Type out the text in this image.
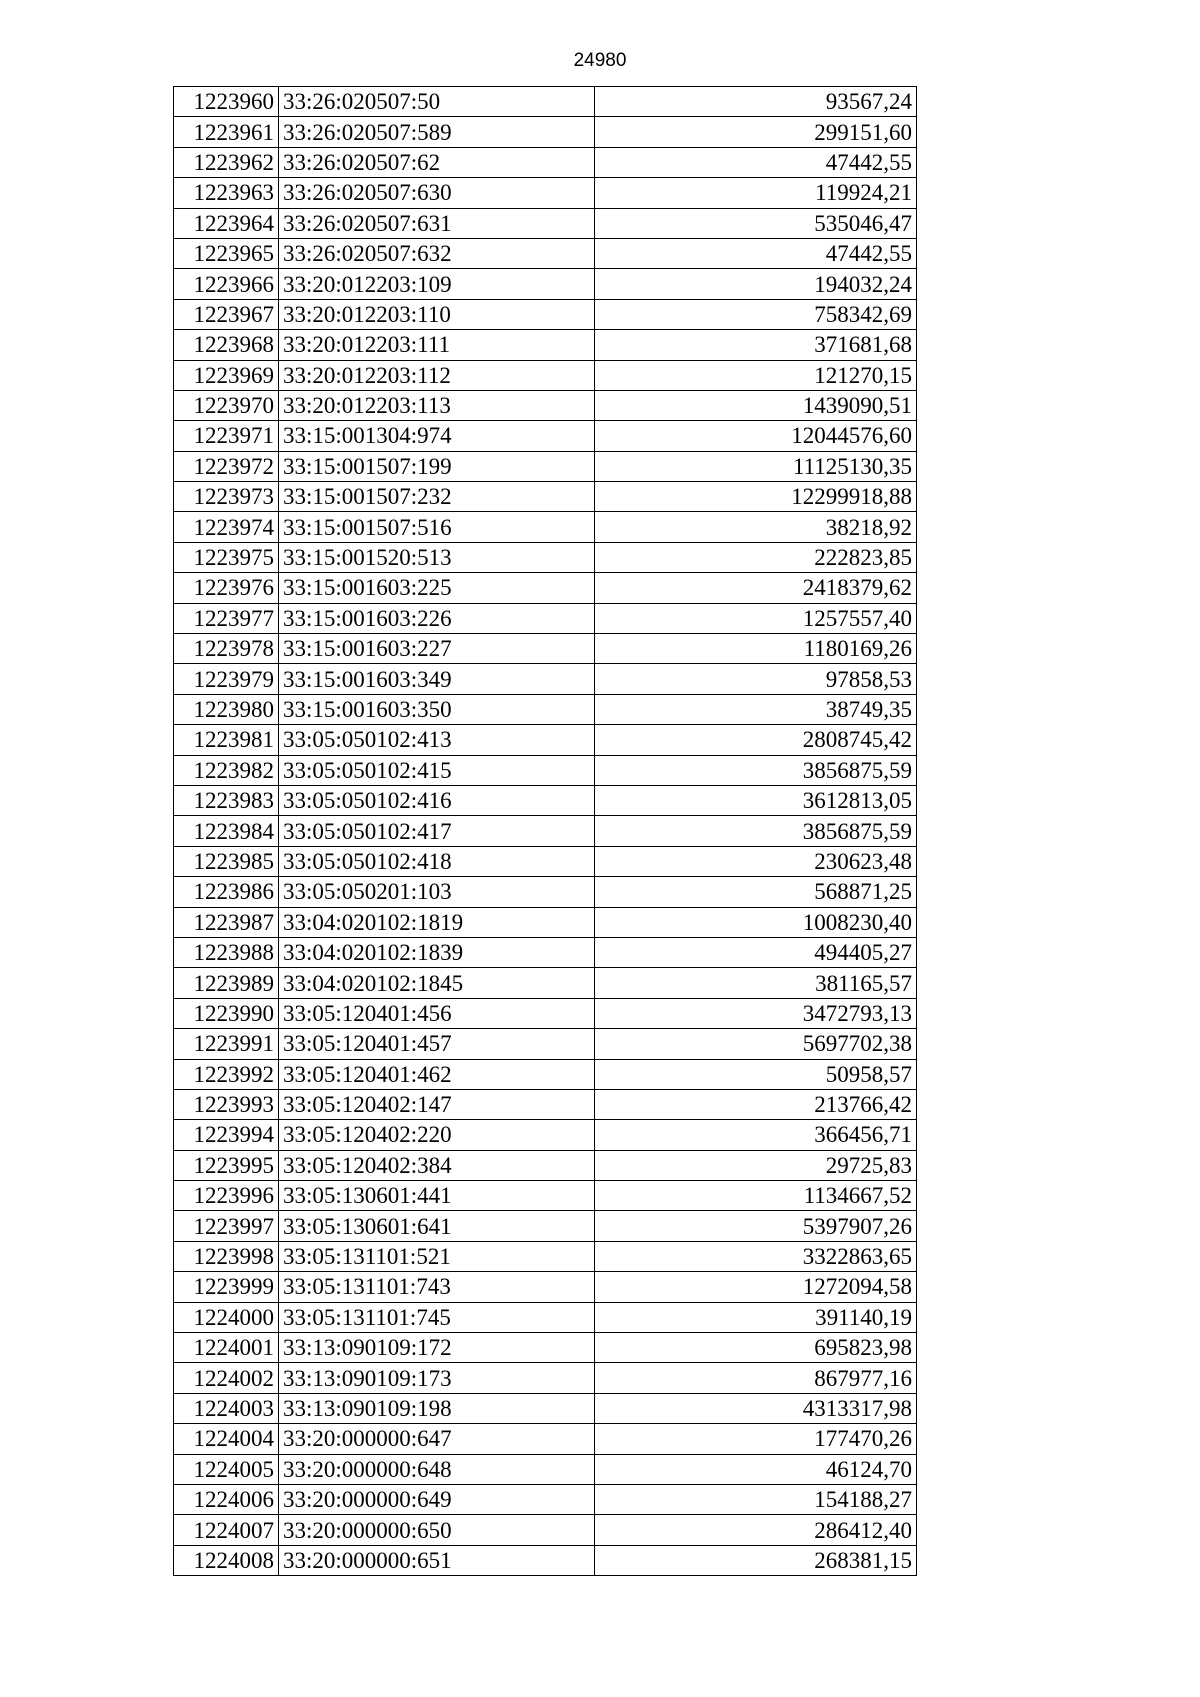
24980
1223960	33:26:020507:50	93567,24
1223961	33:26:020507:589	299151,60
1223962	33:26:020507:62	47442,55
1223963	33:26:020507:630	119924,21
1223964	33:26:020507:631	535046,47
1223965	33:26:020507:632	47442,55
1223966	33:20:012203:109	194032,24
1223967	33:20:012203:110	758342,69
1223968	33:20:012203:111	371681,68
1223969	33:20:012203:112	121270,15
1223970	33:20:012203:113	1439090,51
1223971	33:15:001304:974	12044576,60
1223972	33:15:001507:199	11125130,35
1223973	33:15:001507:232	12299918,88
1223974	33:15:001507:516	38218,92
1223975	33:15:001520:513	222823,85
1223976	33:15:001603:225	2418379,62
1223977	33:15:001603:226	1257557,40
1223978	33:15:001603:227	1180169,26
1223979	33:15:001603:349	97858,53
1223980	33:15:001603:350	38749,35
1223981	33:05:050102:413	2808745,42
1223982	33:05:050102:415	3856875,59
1223983	33:05:050102:416	3612813,05
1223984	33:05:050102:417	3856875,59
1223985	33:05:050102:418	230623,48
1223986	33:05:050201:103	568871,25
1223987	33:04:020102:1819	1008230,40
1223988	33:04:020102:1839	494405,27
1223989	33:04:020102:1845	381165,57
1223990	33:05:120401:456	3472793,13
1223991	33:05:120401:457	5697702,38
1223992	33:05:120401:462	50958,57
1223993	33:05:120402:147	213766,42
1223994	33:05:120402:220	366456,71
1223995	33:05:120402:384	29725,83
1223996	33:05:130601:441	1134667,52
1223997	33:05:130601:641	5397907,26
1223998	33:05:131101:521	3322863,65
1223999	33:05:131101:743	1272094,58
1224000	33:05:131101:745	391140,19
1224001	33:13:090109:172	695823,98
1224002	33:13:090109:173	867977,16
1224003	33:13:090109:198	4313317,98
1224004	33:20:000000:647	177470,26
1224005	33:20:000000:648	46124,70
1224006	33:20:000000:649	154188,27
1224007	33:20:000000:650	286412,40
1224008	33:20:000000:651	268381,15
